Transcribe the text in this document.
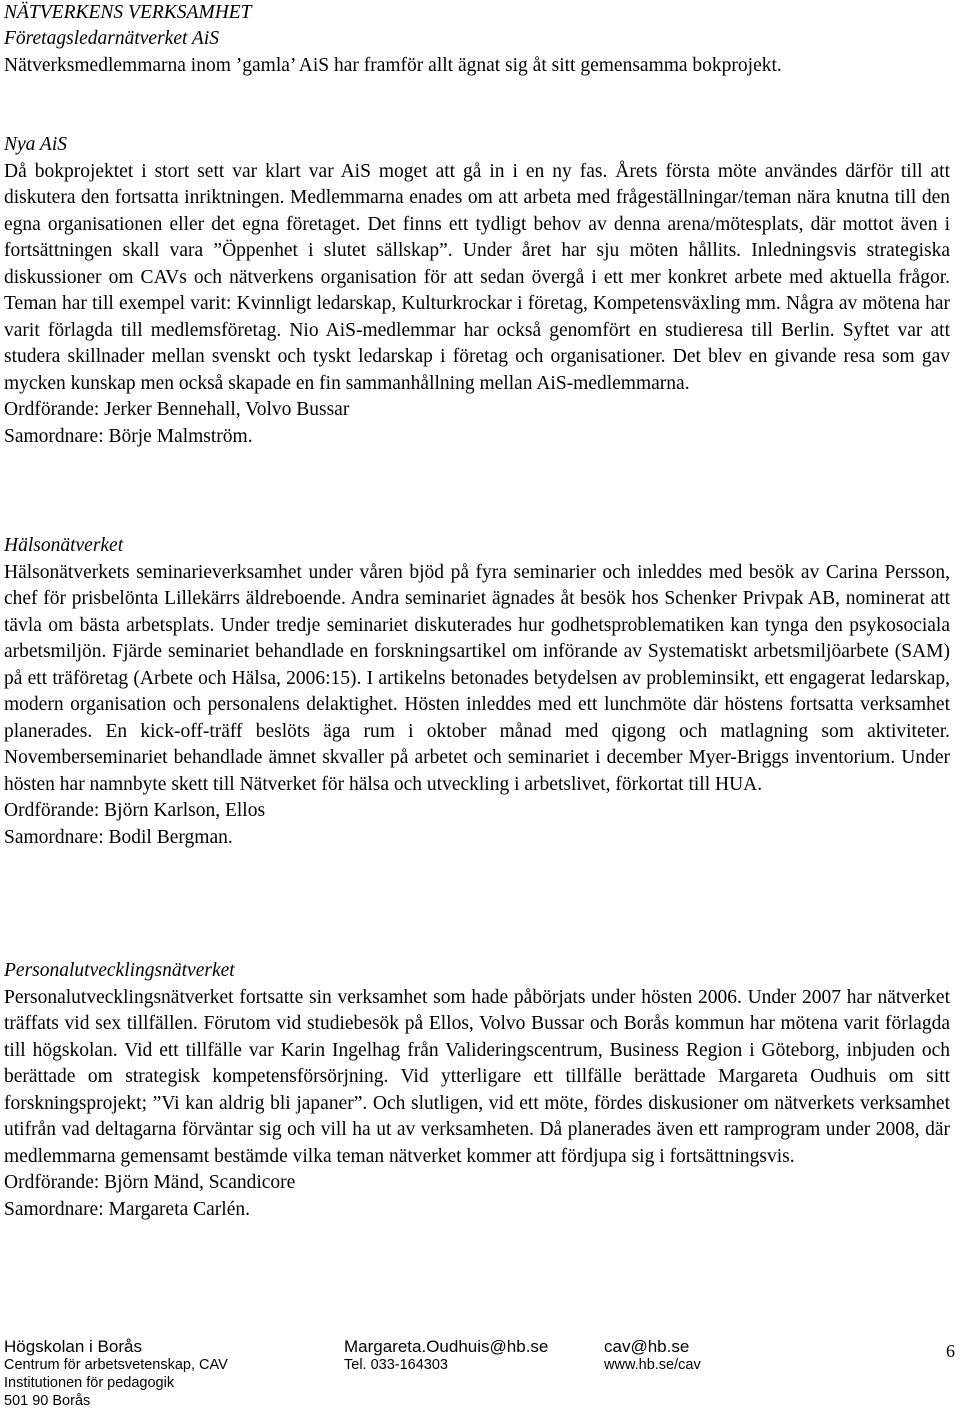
NÄTVERKENS VERKSAMHET
Företagsledarnätverket AiS
Nätverksmedlemmarna inom ’gamla’ AiS har framför allt ägnat sig åt sitt gemensamma bokprojekt.
Nya AiS
Då bokprojektet i stort sett var klart var AiS moget att gå in i en ny fas. Årets första möte användes därför till att diskutera den fortsatta inriktningen. Medlemmarna enades om att arbeta med frågeställningar/teman nära knutna till den egna organisationen eller det egna företaget. Det finns ett tydligt behov av denna arena/mötesplats, där mottot även i fortsättningen skall vara ”Öppenhet i slutet sällskap”. Under året har sju möten hållits. Inledningsvis strategiska diskussioner om CAVs och nätverkens organisation för att sedan övergå i ett mer konkret arbete med aktuella frågor. Teman har till exempel varit: Kvinnligt ledarskap, Kulturkrockar i företag, Kompetensväxling mm. Några av mötena har varit förlagda till medlemsföretag. Nio AiS-medlemmar har också genomfört en studieresa till Berlin. Syftet var att studera skillnader mellan svenskt och tyskt ledarskap i företag och organisationer. Det blev en givande resa som gav mycken kunskap men också skapade en fin sammanhållning mellan AiS-medlemmarna.
Ordförande: Jerker Bennehall, Volvo Bussar
Samordnare: Börje Malmström.
Hälsonätverket
Hälsonätverkets seminarieverksamhet under våren bjöd på fyra seminarier och inleddes med besök av Carina Persson, chef för prisbelönta Lillekärrs äldreboende. Andra seminariet ägnades åt besök hos Schenker Privpak AB, nominerat att tävla om bästa arbetsplats. Under tredje seminariet diskuterades hur godhetsproblematiken kan tynga den psykosociala arbetsmiljön. Fjärde seminariet behandlade en forskningsartikel om införande av Systematiskt arbetsmiljöarbete (SAM) på ett träföretag (Arbete och Hälsa, 2006:15). I artikelns betonades betydelsen av probleminsikt, ett engagerat ledarskap, modern organisation och personalens delaktighet. Hösten inleddes med ett lunchmöte där höstens fortsatta verksamhet planerades. En kick-off-träff beslöts äga rum i oktober månad med qigong och matlagning som aktiviteter. Novemberseminariet behandlade ämnet skvaller på arbetet och seminariet i december Myer-Briggs inventorium. Under hösten har namnbyte skett till Nätverket för hälsa och utveckling i arbetslivet, förkortat till HUA.
Ordförande: Björn Karlson, Ellos
Samordnare: Bodil Bergman.
Personalutvecklingsnätverket
Personalutvecklingsnätverket fortsatte sin verksamhet som hade påbörjats under hösten 2006. Under 2007 har nätverket träffats vid sex tillfällen. Förutom vid studiebesök på Ellos, Volvo Bussar och Borås kommun har mötena varit förlagda till högskolan. Vid ett tillfälle var Karin Ingelhag från Valideringscentrum, Business Region i Göteborg, inbjuden och berättade om strategisk kompetensförsörjning. Vid ytterligare ett tillfälle berättade Margareta Oudhuis om sitt forskningsprojekt; ”Vi kan aldrig bli japaner”. Och slutligen, vid ett möte, fördes diskusioner om nätverkets verksamhet utifrån vad deltagarna förväntar sig och vill ha ut av verksamheten. Då planerades även ett ramprogram under 2008, där medlemmarna gemensamt bestämde vilka teman nätverket kommer att fördjupa sig i fortsättningsvis.
Ordförande: Björn Mänd, Scandicore
Samordnare: Margareta Carlén.
Högskolan i Borås
Centrum för arbetsvetenskap, CAV
Institutionen för pedagogik
501 90 Borås
Margareta.Oudhuis@hb.se
Tel. 033-164303
cav@hb.se
www.hb.se/cav
6
